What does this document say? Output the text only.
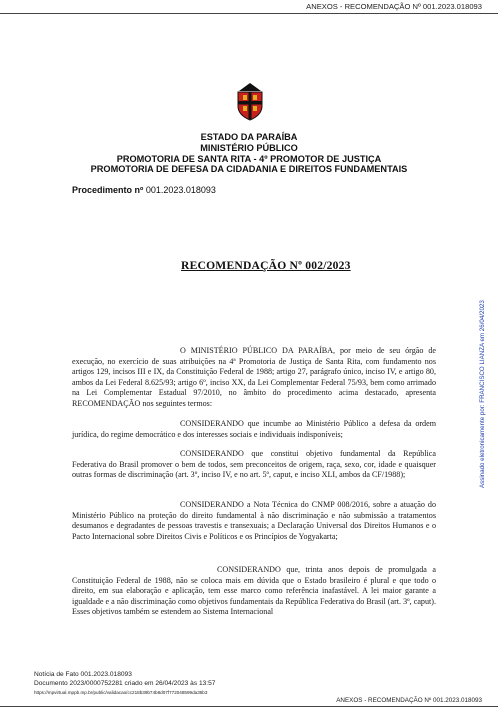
ANEXOS - RECOMENDAÇÃO Nº 001.2023.018093
ESTADO DA PARAÍBA
MINISTÉRIO PÚBLICO
PROMOTORIA DE SANTA RITA - 4º PROMOTOR DE JUSTIÇA
PROMOTORIA DE DEFESA DA CIDADANIA E DIREITOS FUNDAMENTAIS
Procedimento nº 001.2023.018093
RECOMENDAÇÃO Nº 002/2023
O MINISTÉRIO PÚBLICO DA PARAÍBA, por meio de seu órgão de execução, no exercício de suas atribuições na 4ª Promotoria de Justiça de Santa Rita, com fundamento nos artigos 129, incisos III e IX, da Constituição Federal de 1988; artigo 27, parágrafo único, inciso IV, e artigo 80, ambos da Lei Federal 8.625/93; artigo 6º, inciso XX, da Lei Complementar Federal 75/93, bem como arrimado na Lei Complementar Estadual 97/2010, no âmbito do procedimento acima destacado, apresenta RECOMENDAÇÃO nos seguintes termos:
CONSIDERANDO que incumbe ao Ministério Público a defesa da ordem jurídica, do regime democrático e dos interesses sociais e individuais indisponíveis;
CONSIDERANDO que constitui objetivo fundamental da República Federativa do Brasil promover o bem de todos, sem preconceitos de origem, raça, sexo, cor, idade e quaisquer outras formas de discriminação (art. 3º, inciso IV, e no art. 5º, caput, e inciso XLI, ambos da CF/1988);
CONSIDERANDO a Nota Técnica do CNMP 008/2016, sobre a atuação do Ministério Público na proteção do direito fundamental à não discriminação e não submissão a tratamentos desumanos e degradantes de pessoas travestis e transexuais; a Declaração Universal dos Direitos Humanos e o Pacto Internacional sobre Direitos Civis e Políticos e os Princípios de Yogyakarta;
CONSIDERANDO que, trinta anos depois de promulgada a Constituição Federal de 1988, não se coloca mais em dúvida que o Estado brasileiro é plural e que todo o direito, em sua elaboração e aplicação, tem esse marco como referência inafastável. A lei maior garante a igualdade e a não discriminação como objetivos fundamentais da República Federativa do Brasil (art. 3º, caput). Esses objetivos também se estendem ao Sistema Internacional
Assinado eletronicamente por: FRANCISCO LIANZA em 26/04/2023
Notícia de Fato 001.2023.018093
Documento 2023/0000752281 criado em 26/04/2023 às 13:57
https://mpvirtual.mppb.mp.br/public/validacao/cc218b39b74b8d07f772048599da35b3
ANEXOS - RECOMENDAÇÃO Nº 001.2023.018093
